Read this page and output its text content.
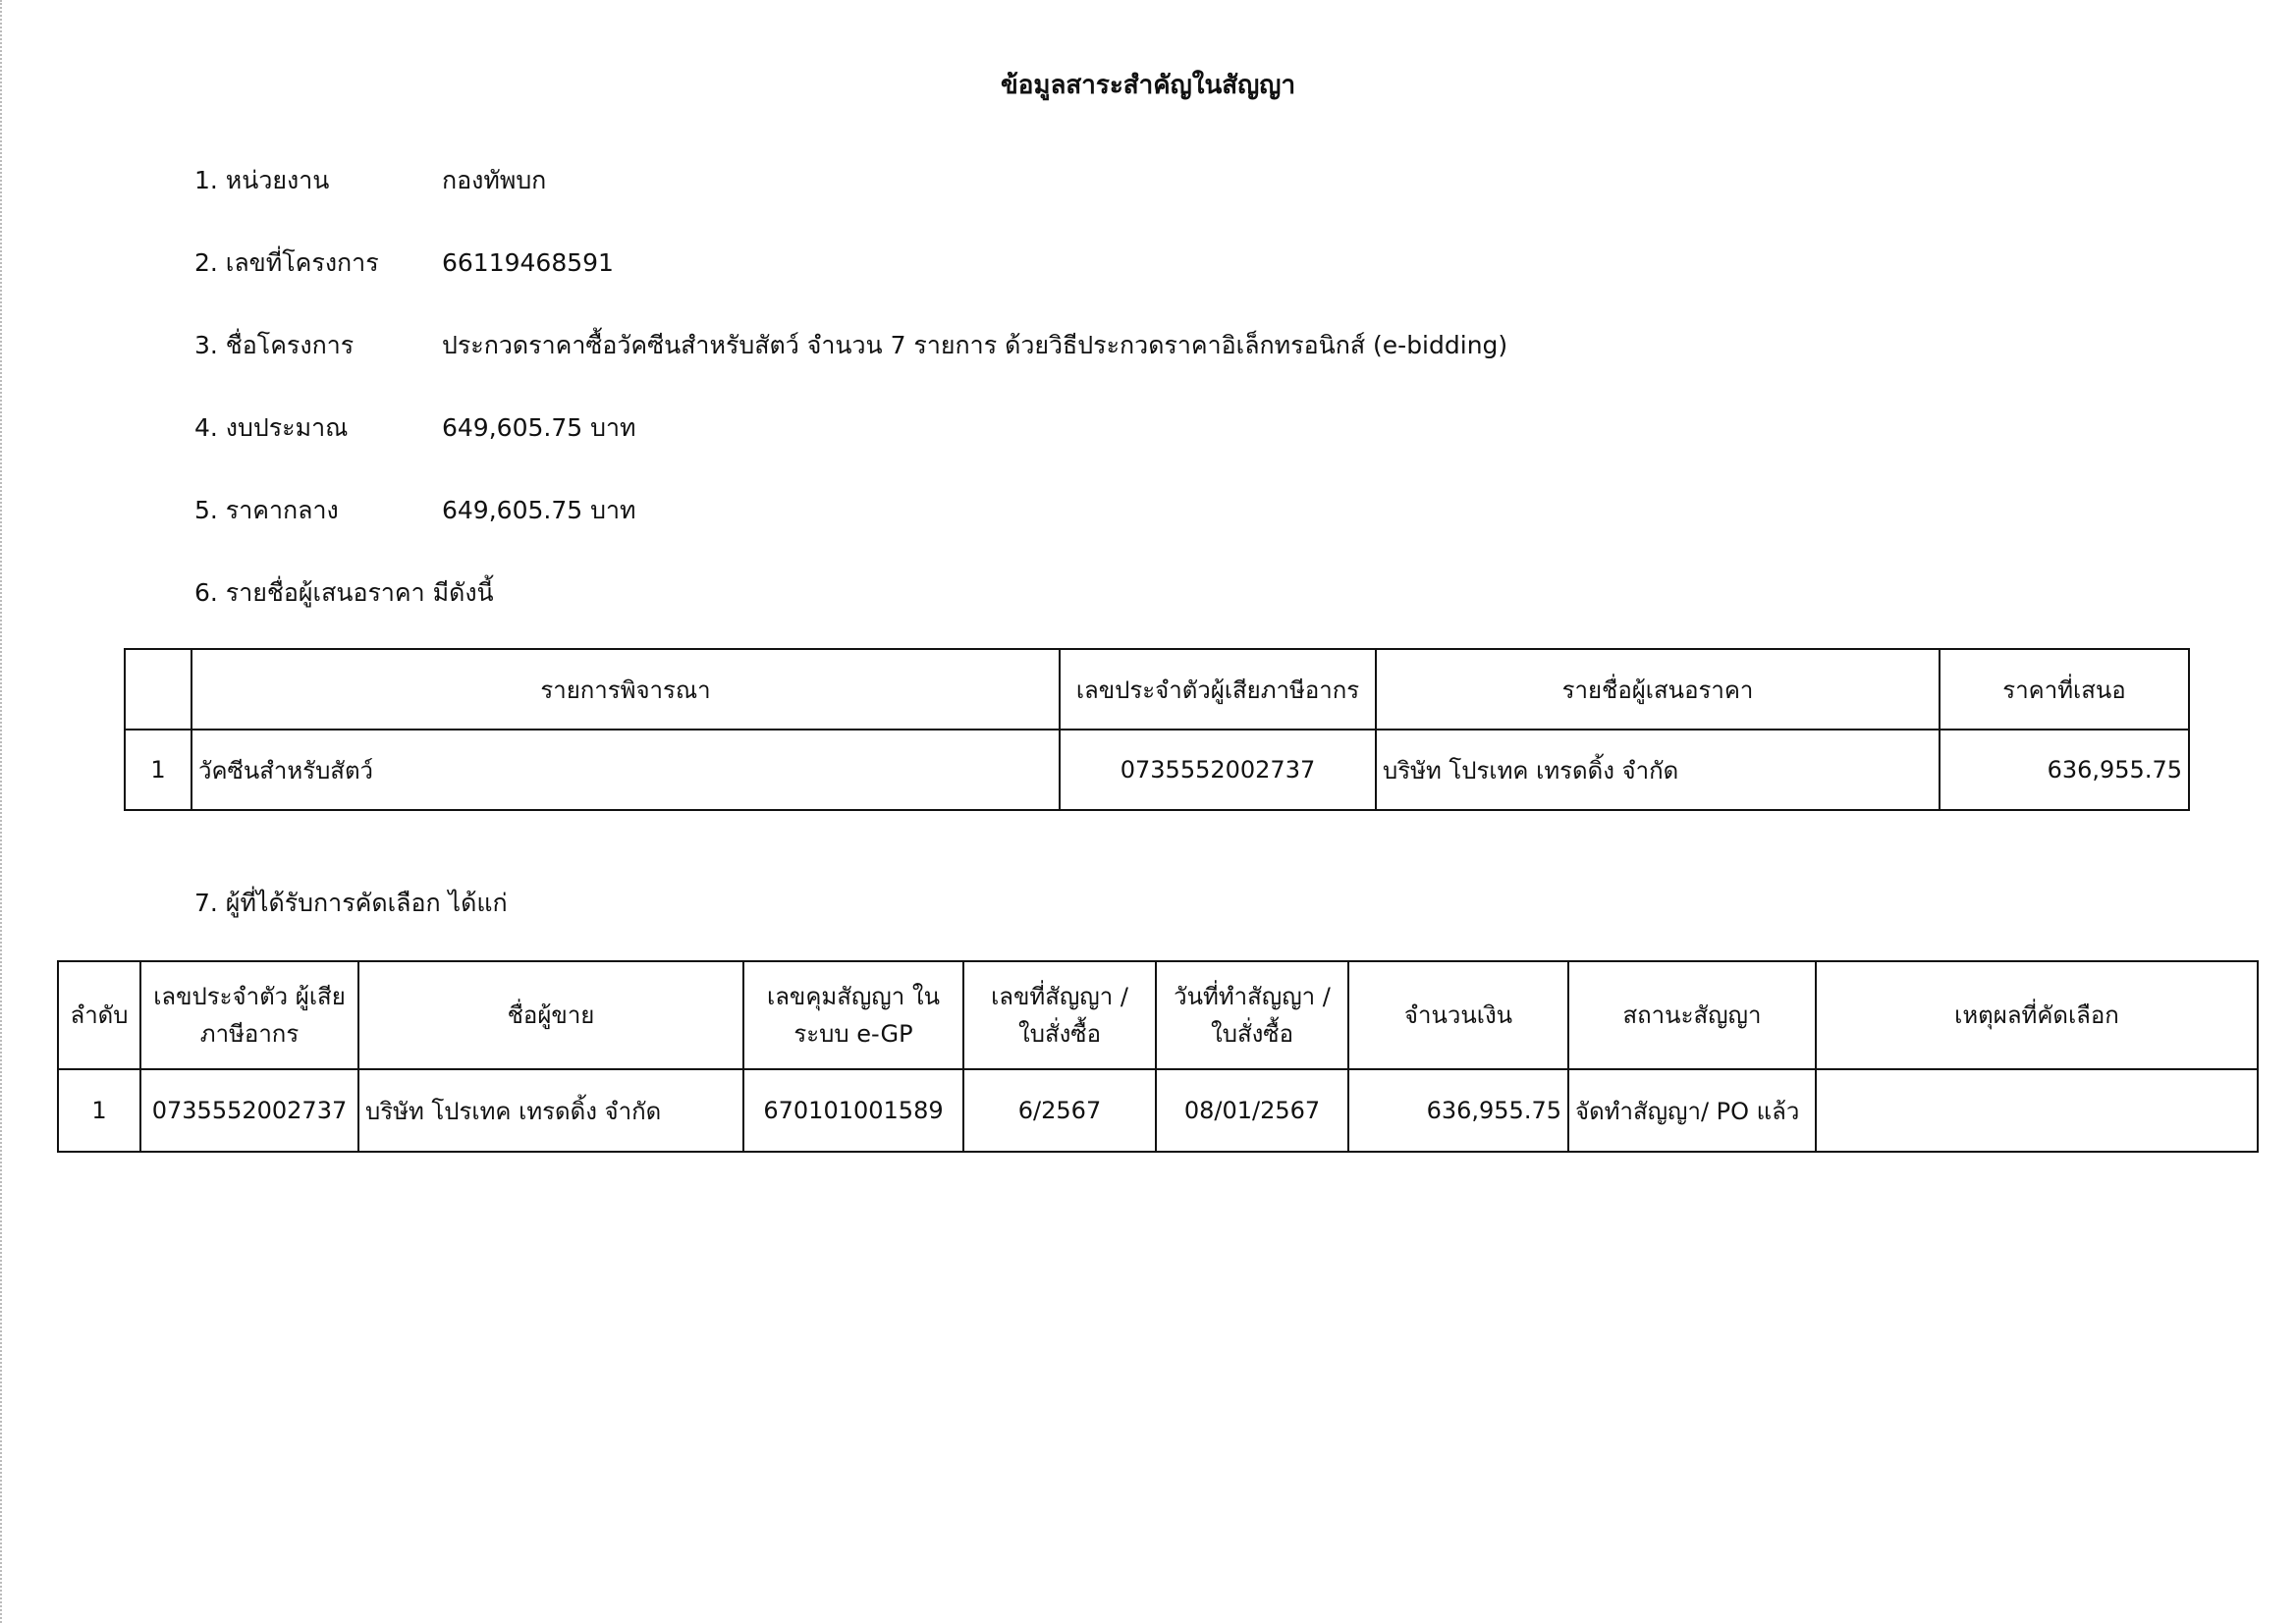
ข้อมูลสาระสำคัญในสัญญา
1. หน่วยงาน	กองทัพบก
2. เลขที่โครงการ	66119468591
3. ชื่อโครงการ	ประกวดราคาซื้อวัคซีนสำหรับสัตว์ จำนวน 7 รายการ ด้วยวิธีประกวดราคาอิเล็กทรอนิกส์ (e-bidding)
4. งบประมาณ	649,605.75 บาท
5. ราคากลาง	649,605.75 บาท
6. รายชื่อผู้เสนอราคา มีดังนี้
	รายการพิจารณา	เลขประจำตัวผู้เสียภาษีอากร	รายชื่อผู้เสนอราคา	ราคาที่เสนอ
1	วัคซีนสำหรับสัตว์	0735552002737	บริษัท โปรเทค เทรดดิ้ง จำกัด	636,955.75
7. ผู้ที่ได้รับการคัดเลือก ได้แก่
ลำดับ	เลขประจำตัว ผู้เสียภาษีอากร	ชื่อผู้ขาย	เลขคุมสัญญา ในระบบ e-GP	เลขที่สัญญา / ใบสั่งซื้อ	วันที่ทำสัญญา / ใบสั่งซื้อ	จำนวนเงิน	สถานะสัญญา	เหตุผลที่คัดเลือก
1	0735552002737	บริษัท โปรเทค เทรดดิ้ง จำกัด	670101001589	6/2567	08/01/2567	636,955.75	จัดทำสัญญา/ PO แล้ว	
